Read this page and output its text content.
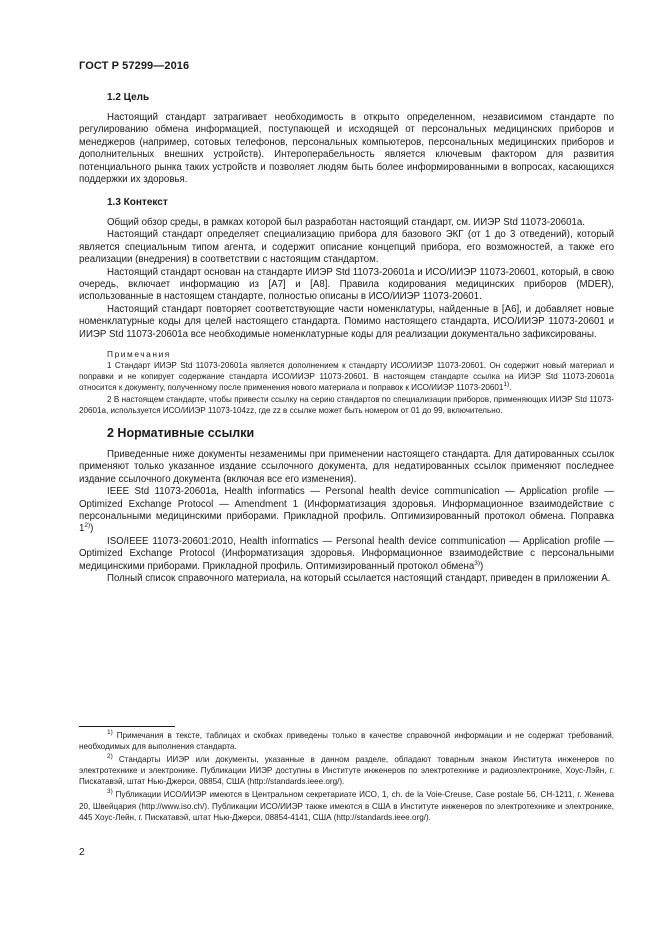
ГОСТ Р 57299—2016
1.2 Цель

Настоящий стандарт затрагивает необходимость в открыто определенном, независимом стандарте по регулированию обмена информацией, поступающей и исходящей от персональных медицинских приборов и менеджеров (например, сотовых телефонов, персональных компьютеров, персональных медицинских приборов и дополнительных внешних устройств). Интероперабельность является ключевым фактором для развития потенциального рынка таких устройств и позволяет людям быть более информированными в вопросах, касающихся поддержки их здоровья.

1.3 Контекст

Общий обзор среды, в рамках которой был разработан настоящий стандарт, см. ИИЭР Std 11073-20601a.

Настоящий стандарт определяет специализацию прибора для базового ЭКГ (от 1 до 3 отведений), который является специальным типом агента, и содержит описание концепций прибора, его возможностей, а также его реализации (внедрения) в соответствии с настоящим стандартом.

Настоящий стандарт основан на стандарте ИИЭР Std 11073-20601a и ИСО/ИИЭР 11073-20601, который, в свою очередь, включает информацию из [A7] и [A8]. Правила кодирования медицинских приборов (MDER), использованные в настоящем стандарте, полностью описаны в ИСО/ИИЭР 11073-20601.

Настоящий стандарт повторяет соответствующие части номенклатуры, найденные в [A6], и добавляет новые номенклатурные коды для целей настоящего стандарта. Помимо настоящего стандарта, ИСО/ИИЭР 11073-20601 и ИИЭР Std 11073-20601a все необходимые номенклатурные коды для реализации документально зафиксированы.

Примечания

1 Стандарт ИИЭР Std 11073-20601a является дополнением к стандарту ИСО/ИИЭР 11073-20601. Он содержит новый материал и поправки и не копирует содержание стандарта ИСО/ИИЭР 11073-20601. В настоящем стандарте ссылка на ИИЭР Std 11073-20601a относится к документу, полученному после применения нового материала и поправок к ИСО/ИИЭР 11073-20601$^{1)}$.

2 В настоящем стандарте, чтобы привести ссылку на серию стандартов по специализации приборов, применяющих ИИЭР Std 11073-20601a, используется ИСО/ИИЭР 11073-104zz, где zz в ссылке может быть номером от 01 до 99, включительно.

2 Нормативные ссылки

Приведенные ниже документы незаменимы при применении настоящего стандарта. Для датированных ссылок применяют только указанное издание ссылочного документа, для недатированных ссылок применяют последнее издание ссылочного документа (включая все его изменения).

IEEE Std 11073-20601a, Health informatics — Personal health device communication — Application profile — Optimized Exchange Protocol — Amendment 1 (Информатизация здоровья. Информационное взаимодействие с персональными медицинскими приборами. Прикладной профиль. Оптимизированный протокол обмена. Поправка 1$^{2)}$)

ISO/IEEE 11073-20601:2010, Health informatics — Personal health device communication — Application profile — Optimized Exchange Protocol (Информатизация здоровья. Информационное взаимодействие с персональными медицинскими приборами. Прикладной профиль. Оптимизированный протокол обмена$^{3)}$)

Полный список справочного материала, на который ссылается настоящий стандарт, приведен в приложении А.

$^{1)}$ Примечания в тексте, таблицах и скобках приведены только в качестве справочной информации и не содержат требований, необходимых для выполнения стандарта.

$^{2)}$ Стандарты ИИЭР или документы, указанные в данном разделе, обладают товарным знаком Института инженеров по электротехнике и электронике. Публикации ИИЭР доступны в Институте инженеров по электротехнике и радиоэлектронике, Хоус-Лэйн, г. Пискатавэй, штат Нью-Джерси, 08854, США (http://standards.ieee.org/).

$^{3)}$ Публикации ИСО/ИИЭР имеются в Центральном секретариате ИСО, 1, ch. de la Voie-Creuse, Case postale 56, CH-1211, г. Женева 20, Швейцария (http://www.iso.ch/). Публикации ИСО/ИИЭР также имеются в США в Институте инженеров по электротехнике и электронике, 445 Хоус-Лейн, г. Пискатавэй, штат Нью-Джерси, 08854-4141, США (http://standards.ieee.org/).

2
